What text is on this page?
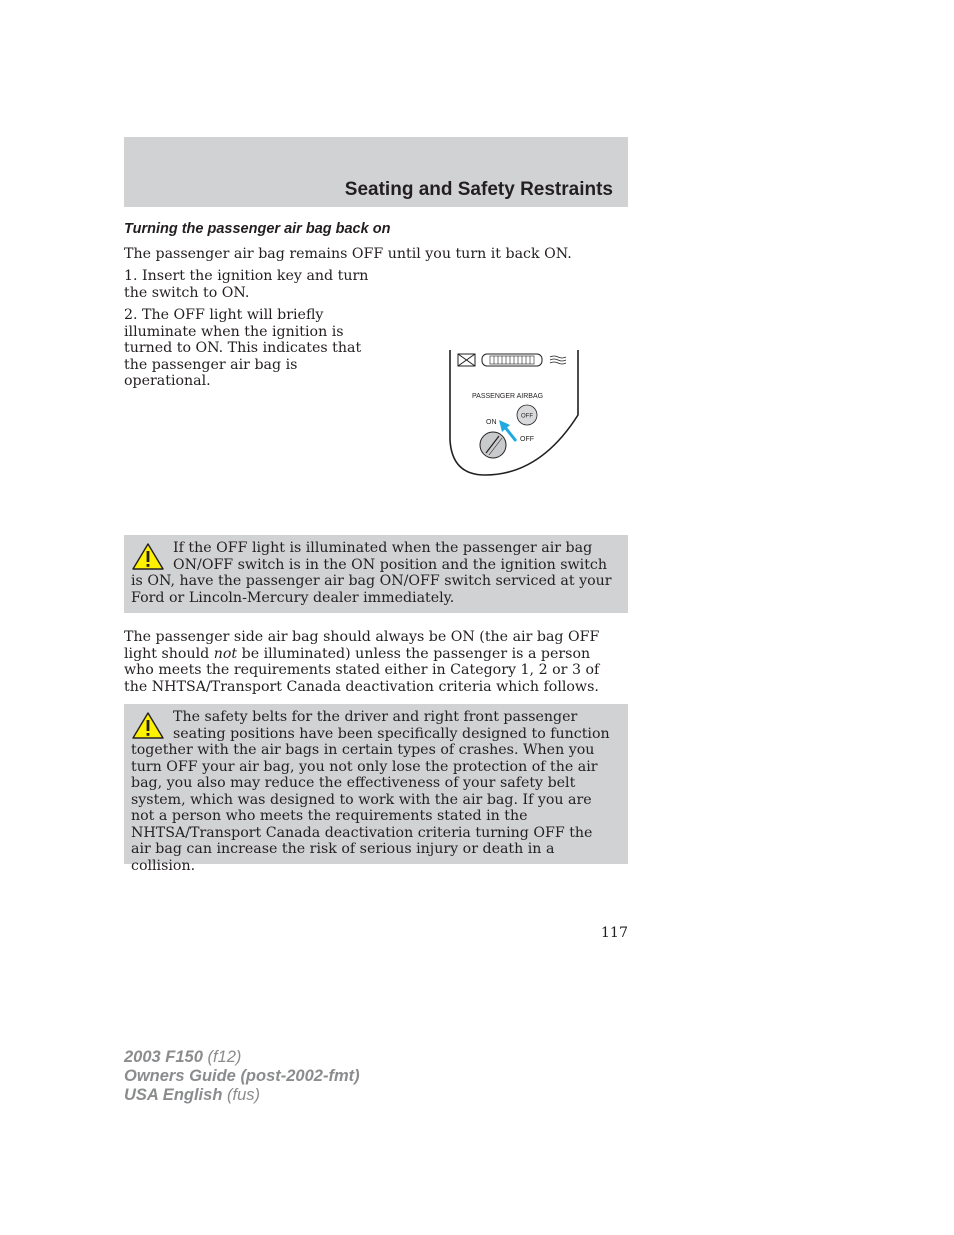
Seating and Safety Restraints
Turning the passenger air bag back on

The passenger air bag remains OFF until you turn it back ON.

1. Insert the ignition key and turn the switch to ON.

2. The OFF light will briefly illuminate when the ignition is turned to ON. This indicates that the passenger air bag is operational.

PASSENGER AIRBAG
OFF
ON
OFF

If the OFF light is illuminated when the passenger air bag ON/OFF switch is in the ON position and the ignition switch is ON, have the passenger air bag ON/OFF switch serviced at your Ford or Lincoln-Mercury dealer immediately.

The passenger side air bag should always be ON (the air bag OFF light should not be illuminated) unless the passenger is a person who meets the requirements stated either in Category 1, 2 or 3 of the NHTSA/Transport Canada deactivation criteria which follows.

The safety belts for the driver and right front passenger seating positions have been specifically designed to function together with the air bags in certain types of crashes. When you turn OFF your air bag, you not only lose the protection of the air bag, you also may reduce the effectiveness of your safety belt system, which was designed to work with the air bag. If you are not a person who meets the requirements stated in the NHTSA/Transport Canada deactivation criteria turning OFF the air bag can increase the risk of serious injury or death in a collision.

117
2003 F150 (f12)
Owners Guide (post-2002-fmt)
USA English (fus)
